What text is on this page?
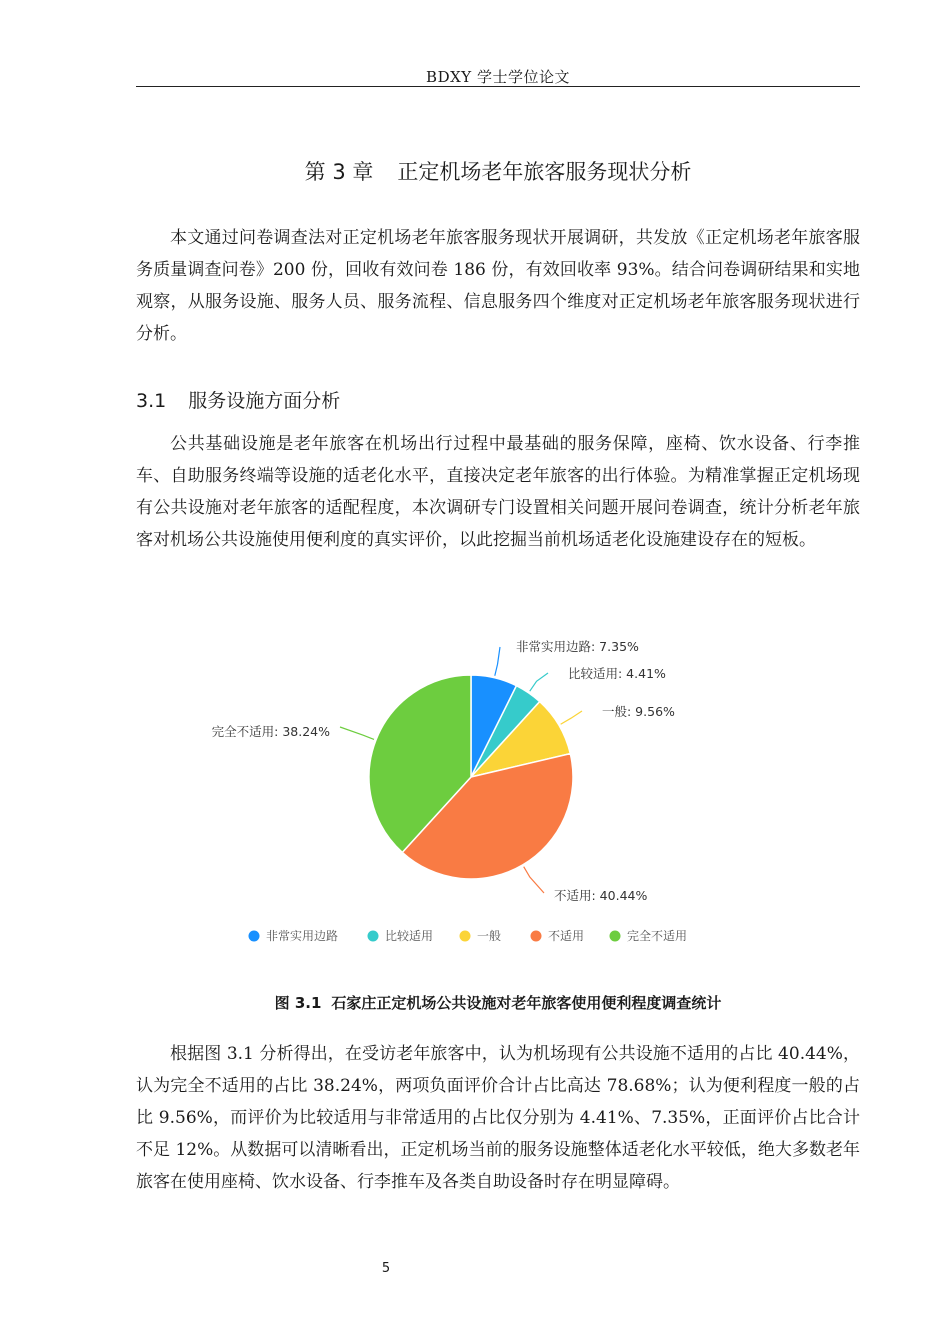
BDXY 学士学位论文
第 3 章 正定机场老年旅客服务现状分析

本文通过问卷调查法对正定机场老年旅客服务现状开展调研，共发放《正定机场老年旅客服务质量调查问卷》200 份，回收有效问卷 186 份，有效回收率 93%。结合问卷调研结果和实地观察，从服务设施、服务人员、服务流程、信息服务四个维度对正定机场老年旅客服务现状进行分析。

3.1 服务设施方面分析

公共基础设施是老年旅客在机场出行过程中最基础的服务保障，座椅、饮水设备、行李推车、自助服务终端等设施的适老化水平，直接决定老年旅客的出行体验。为精准掌握正定机场现有公共设施对老年旅客的适配程度，本次调研专门设置相关问题开展问卷调查，统计分析老年旅客对机场公共设施使用便利度的真实评价，以此挖掘当前机场适老化设施建设存在的短板。

非常实用边路: 7.35%
比较适用: 4.41%
一般: 9.56%
不适用: 40.44%
完全不适用: 38.24%
非常实用边路	比较适用	一般	不适用	完全不适用
图 3.1 石家庄正定机场公共设施对老年旅客使用便利程度调查统计

根据图 3.1 分析得出，在受访老年旅客中，认为机场现有公共设施不适用的占比 40.44%，认为完全不适用的占比 38.24%，两项负面评价合计占比高达 78.68%；认为便利程度一般的占比 9.56%，而评价为比较适用与非常适用的占比仅分别为 4.41%、7.35%，正面评价占比合计不足 12%。从数据可以清晰看出，正定机场当前的服务设施整体适老化水平较低，绝大多数老年旅客在使用座椅、饮水设备、行李推车及各类自助设备时存在明显障碍。

5
